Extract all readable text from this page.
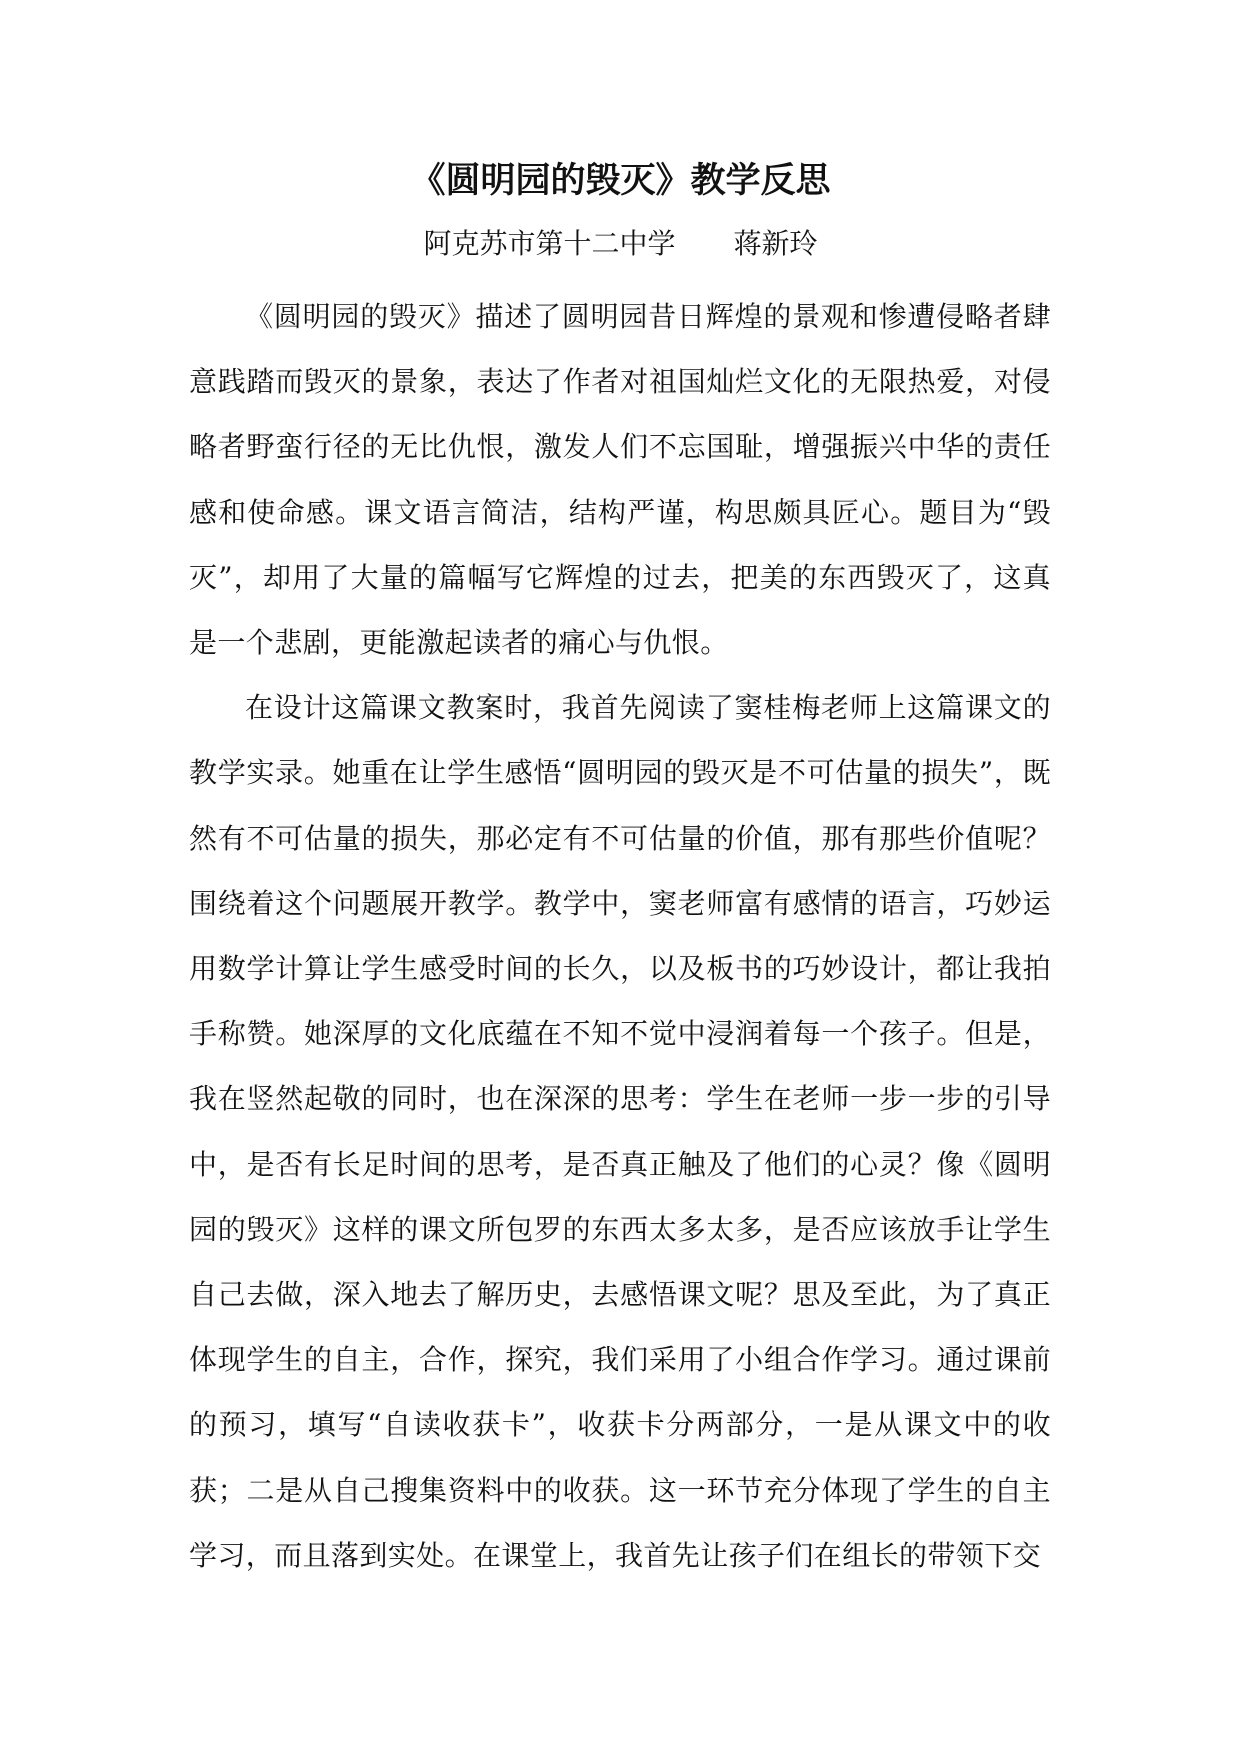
《圆明园的毁灭》教学反思

阿克苏市第十二中学 蒋新玲

《圆明园的毁灭》描述了圆明园昔日辉煌的景观和惨遭侵略者肆意践踏而毁灭的景象，表达了作者对祖国灿烂文化的无限热爱，对侵略者野蛮行径的无比仇恨，激发人们不忘国耻，增强振兴中华的责任感和使命感。课文语言简洁，结构严谨，构思颇具匠心。题目为“毁灭”，却用了大量的篇幅写它辉煌的过去，把美的东西毁灭了，这真是一个悲剧，更能激起读者的痛心与仇恨。

在设计这篇课文教案时，我首先阅读了窦桂梅老师上这篇课文的教学实录。她重在让学生感悟“圆明园的毁灭是不可估量的损失”，既然有不可估量的损失，那必定有不可估量的价值，那有那些价值呢？围绕着这个问题展开教学。教学中，窦老师富有感情的语言，巧妙运用数学计算让学生感受时间的长久，以及板书的巧妙设计，都让我拍手称赞。她深厚的文化底蕴在不知不觉中浸润着每一个孩子。但是，我在竖然起敬的同时，也在深深的思考：学生在老师一步一步的引导中，是否有长足时间的思考，是否真正触及了他们的心灵？像《圆明园的毁灭》这样的课文所包罗的东西太多太多，是否应该放手让学生自己去做，深入地去了解历史，去感悟课文呢？思及至此，为了真正体现学生的自主，合作，探究，我们采用了小组合作学习。通过课前的预习，填写“自读收获卡”，收获卡分两部分，一是从课文中的收获；二是从自己搜集资料中的收获。这一环节充分体现了学生的自主学习，而且落到实处。在课堂上，我首先让孩子们在组长的带领下交
